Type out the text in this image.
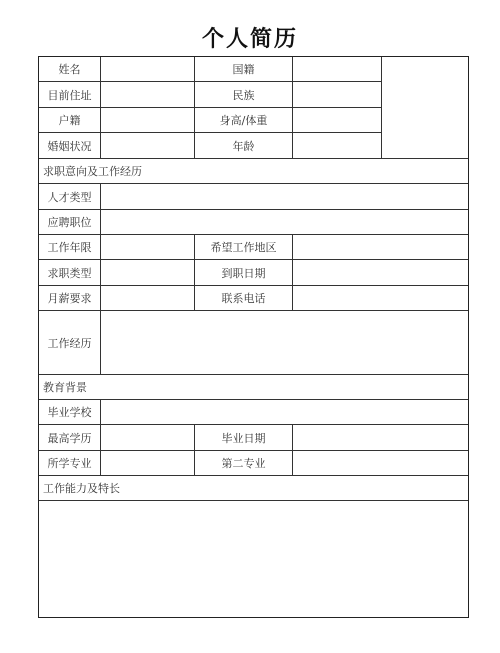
个人简历
姓名	国籍
目前住址	民族
户籍	身高/体重
婚姻状况	年龄
求职意向及工作经历
人才类型
应聘职位
工作年限	希望工作地区
求职类型	到职日期
月薪要求	联系电话
工作经历
教育背景
毕业学校
最高学历	毕业日期
所学专业	第二专业
工作能力及特长
